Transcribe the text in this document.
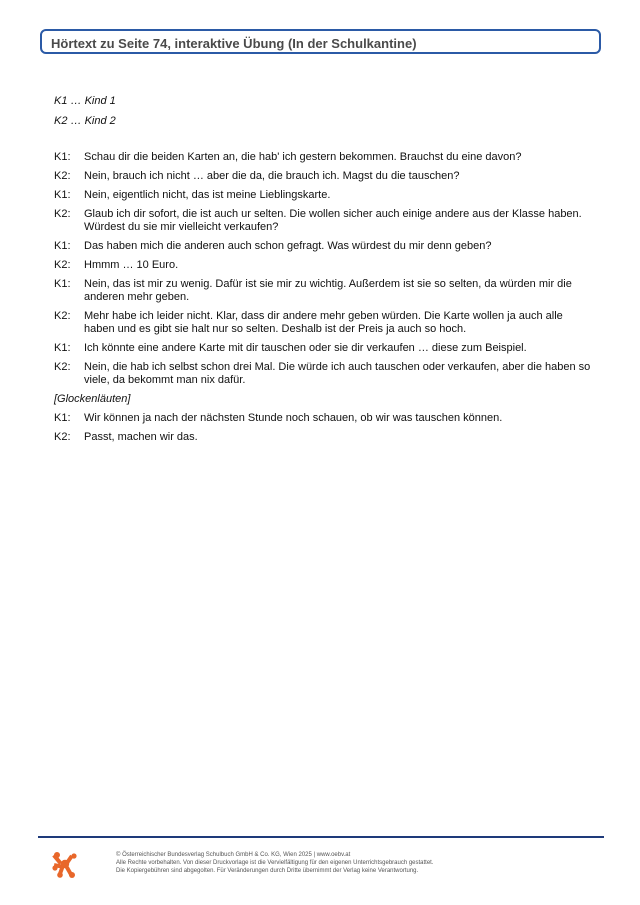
Hörtext zu Seite 74, interaktive Übung (In der Schulkantine)
K1 … Kind 1
K2 … Kind 2
K1:	Schau dir die beiden Karten an, die hab' ich gestern bekommen. Brauchst du eine davon?
K2:	Nein, brauch ich nicht … aber die da, die brauch ich. Magst du die tauschen?
K1:	Nein, eigentlich nicht, das ist meine Lieblingskarte.
K2:	Glaub ich dir sofort, die ist auch ur selten. Die wollen sicher auch einige andere aus der Klasse haben. Würdest du sie mir vielleicht verkaufen?
K1:	Das haben mich die anderen auch schon gefragt. Was würdest du mir denn geben?
K2:	Hmmm … 10 Euro.
K1:	Nein, das ist mir zu wenig. Dafür ist sie mir zu wichtig. Außerdem ist sie so selten, da würden mir die anderen mehr geben.
K2:	Mehr habe ich leider nicht. Klar, dass dir andere mehr geben würden. Die Karte wollen ja auch alle haben und es gibt sie halt nur so selten. Deshalb ist der Preis ja auch so hoch.
K1:	Ich könnte eine andere Karte mit dir tauschen oder sie dir verkaufen … diese zum Beispiel.
K2:	Nein, die hab ich selbst schon drei Mal. Die würde ich auch tauschen oder verkaufen, aber die haben so viele, da bekommt man nix dafür.
[Glockenläuten]
K1:	Wir können ja nach der nächsten Stunde noch schauen, ob wir was tauschen können.
K2:	Passt, machen wir das.
© Österreichischer Bundesverlag Schulbuch GmbH & Co. KG, Wien 2025 | www.oebv.at
Alle Rechte vorbehalten. Von dieser Druckvorlage ist die Vervielfältigung für den eigenen Unterrichtsgebrauch gestattet.
Die Kopiergebühren sind abgegolten. Für Veränderungen durch Dritte übernimmt der Verlag keine Verantwortung.
